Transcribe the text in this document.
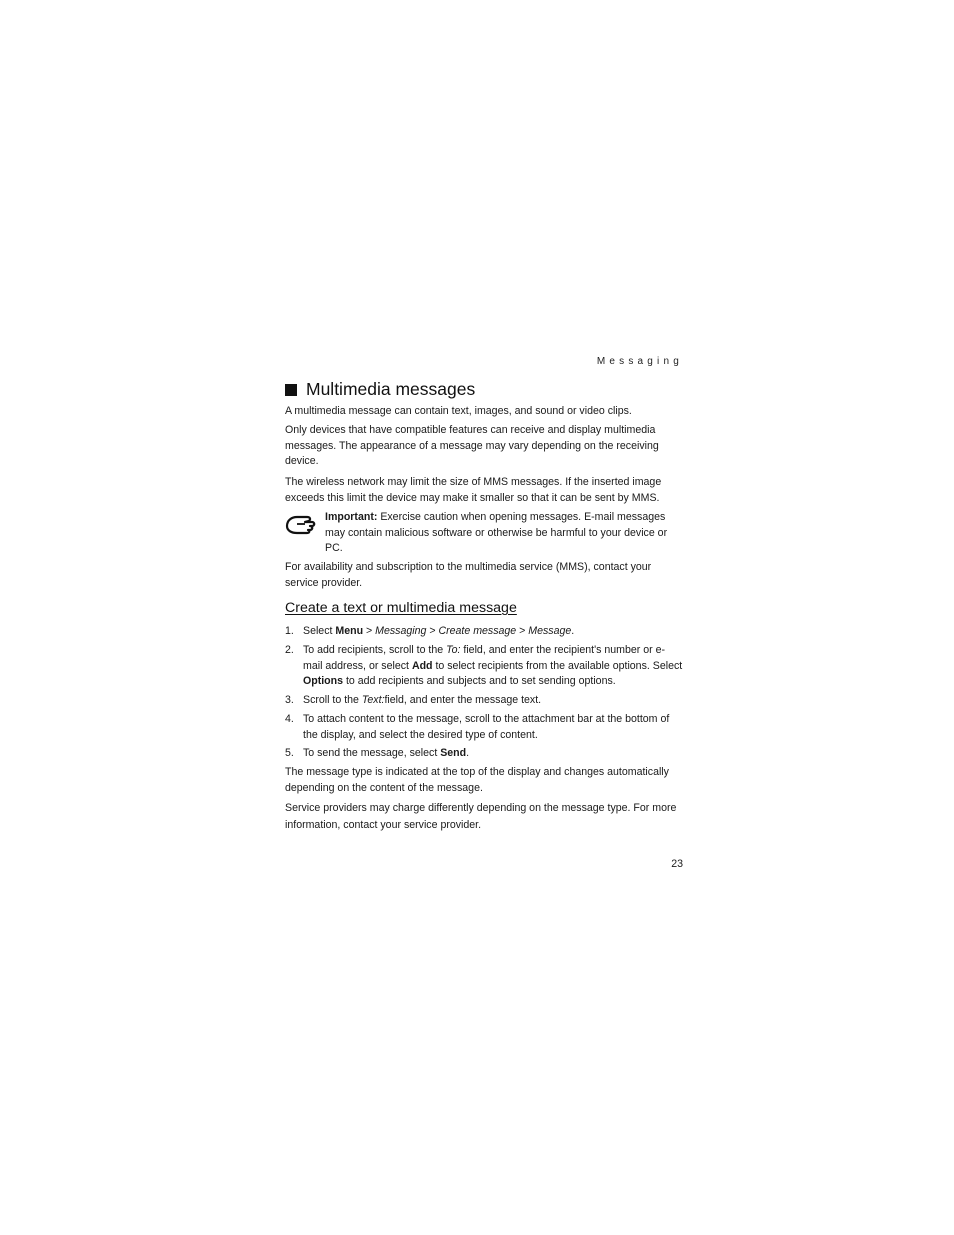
Messaging
Multimedia messages

A multimedia message can contain text, images, and sound or video clips.

Only devices that have compatible features can receive and display multimedia messages. The appearance of a message may vary depending on the receiving device.

The wireless network may limit the size of MMS messages. If the inserted image exceeds this limit the device may make it smaller so that it can be sent by MMS.

Important: Exercise caution when opening messages. E-mail messages may contain malicious software or otherwise be harmful to your device or PC.

For availability and subscription to the multimedia service (MMS), contact your service provider.

Create a text or multimedia message
1. Select Menu > Messaging > Create message > Message.
2. To add recipients, scroll to the To: field, and enter the recipient's number or e-mail address, or select Add to select recipients from the available options. Select Options to add recipients and subjects and to set sending options.
3. Scroll to the Text:field, and enter the message text.
4. To attach content to the message, scroll to the attachment bar at the bottom of the display, and select the desired type of content.
5. To send the message, select Send.

The message type is indicated at the top of the display and changes automatically depending on the content of the message.

Service providers may charge differently depending on the message type. For more information, contact your service provider.

23
